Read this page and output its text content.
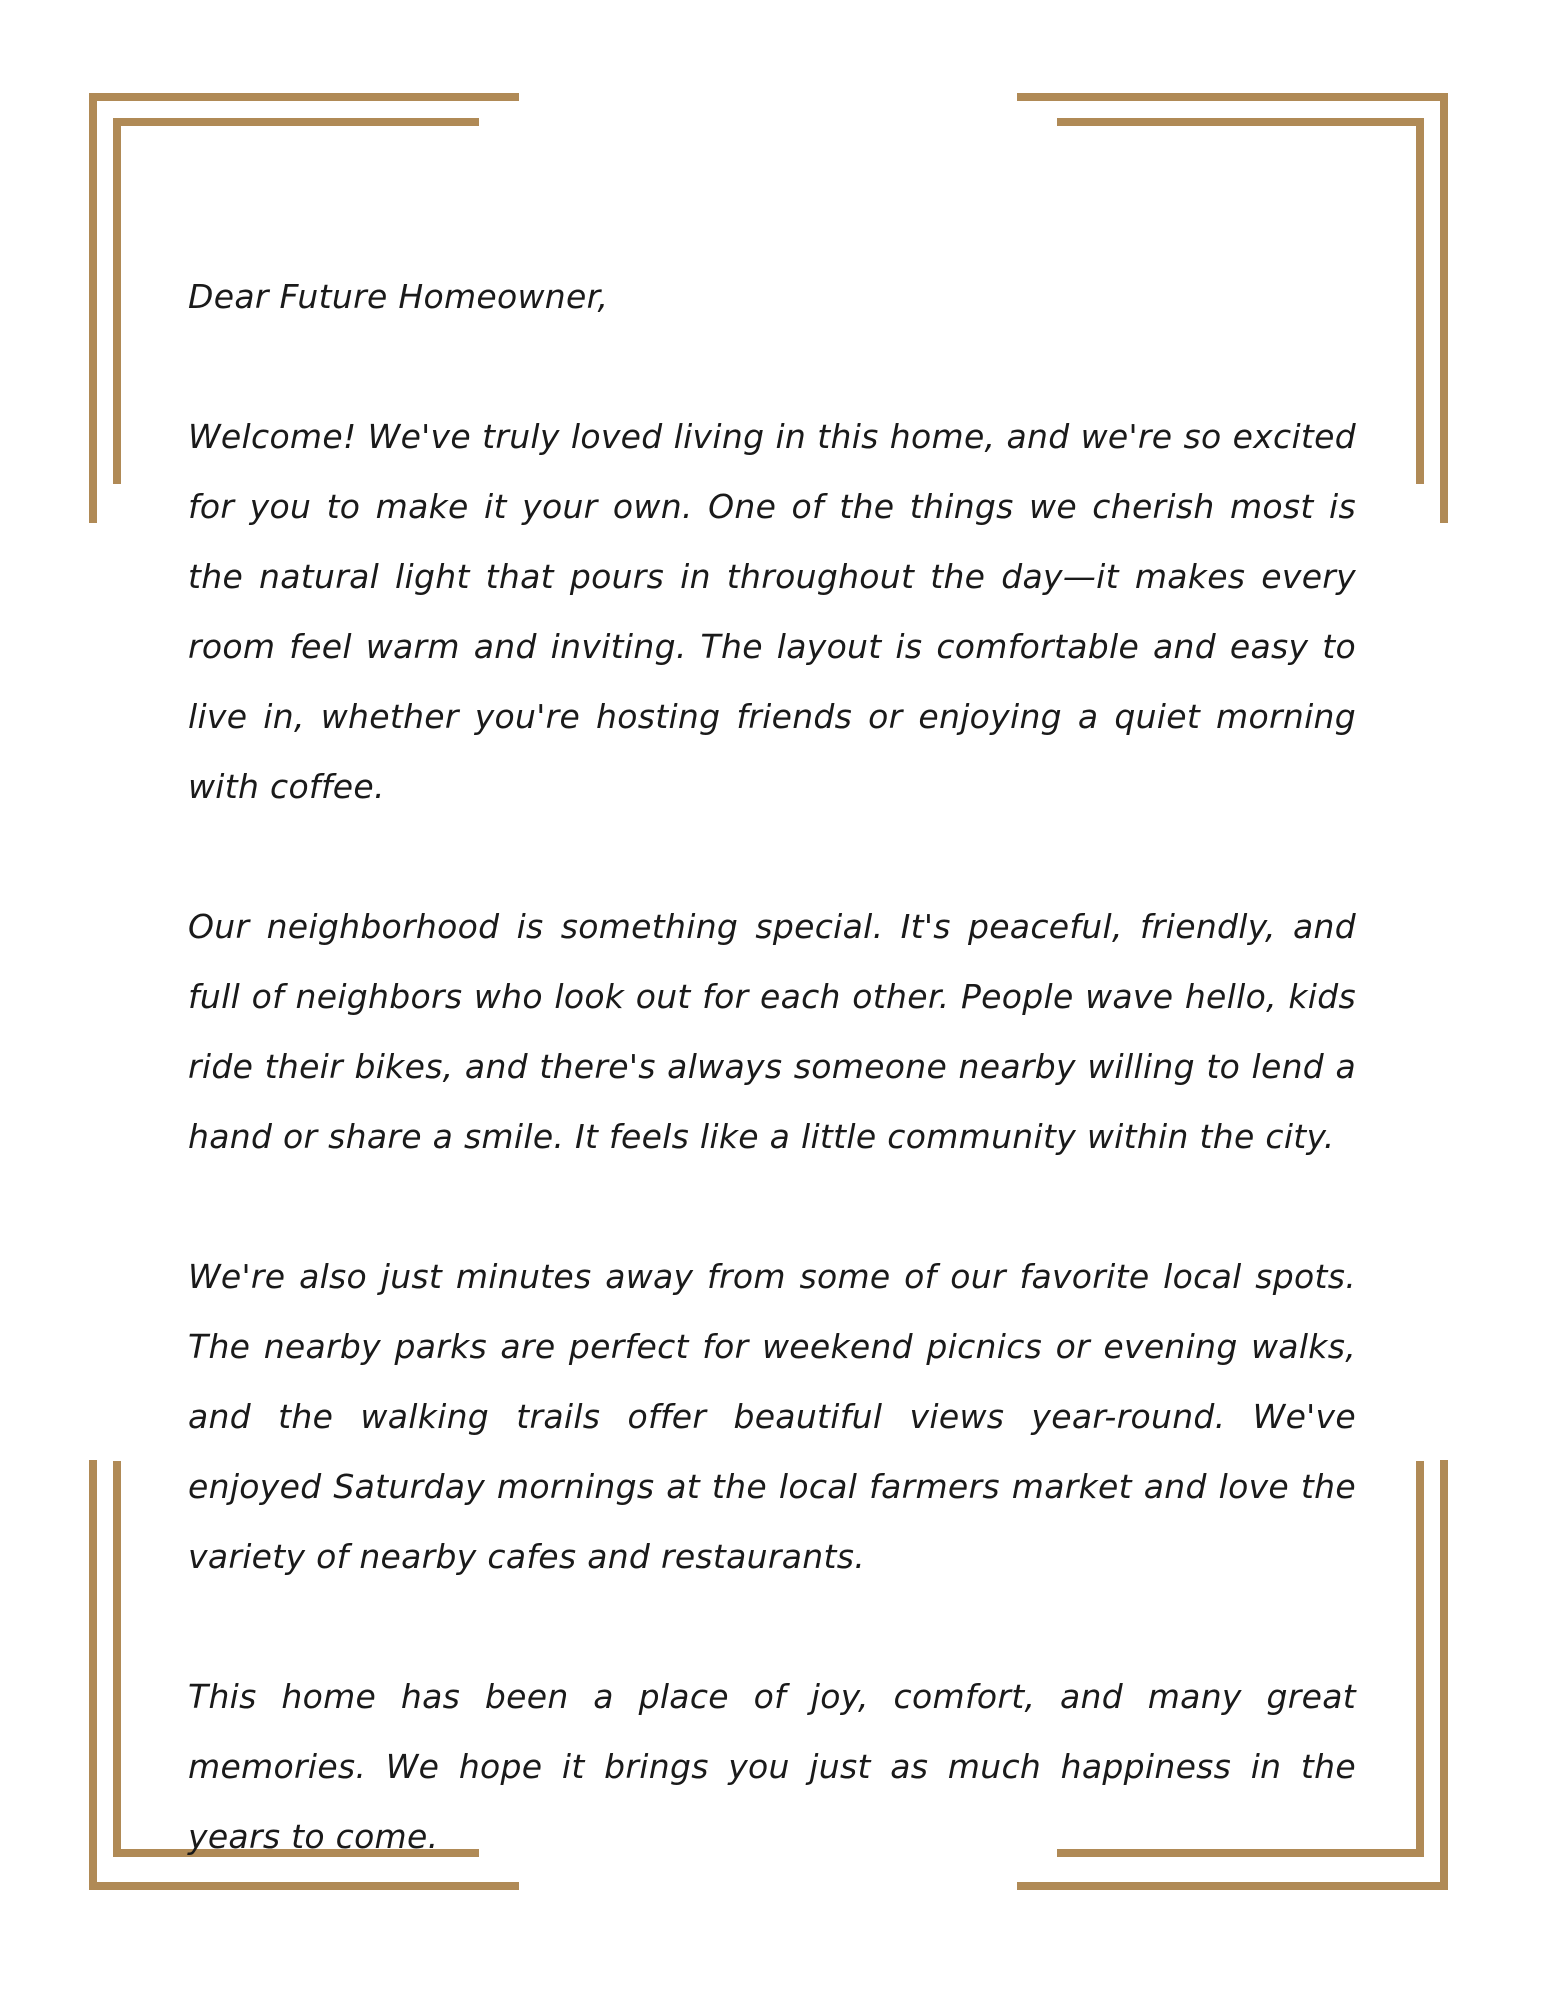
Dear Future Homeowner,

Welcome! We've truly loved living in this home, and we're so excited for you to make it your own. One of the things we cherish most is the natural light that pours in throughout the day—it makes every room feel warm and inviting. The layout is comfortable and easy to live in, whether you're hosting friends or enjoying a quiet morning with coffee.

Our neighborhood is something special. It's peaceful, friendly, and full of neighbors who look out for each other. People wave hello, kids ride their bikes, and there's always someone nearby willing to lend a hand or share a smile. It feels like a little community within the city.

We're also just minutes away from some of our favorite local spots. The nearby parks are perfect for weekend picnics or evening walks, and the walking trails offer beautiful views year-round. We've enjoyed Saturday mornings at the local farmers market and love the variety of nearby cafes and restaurants.

This home has been a place of joy, comfort, and many great memories. We hope it brings you just as much happiness in the years to come.
